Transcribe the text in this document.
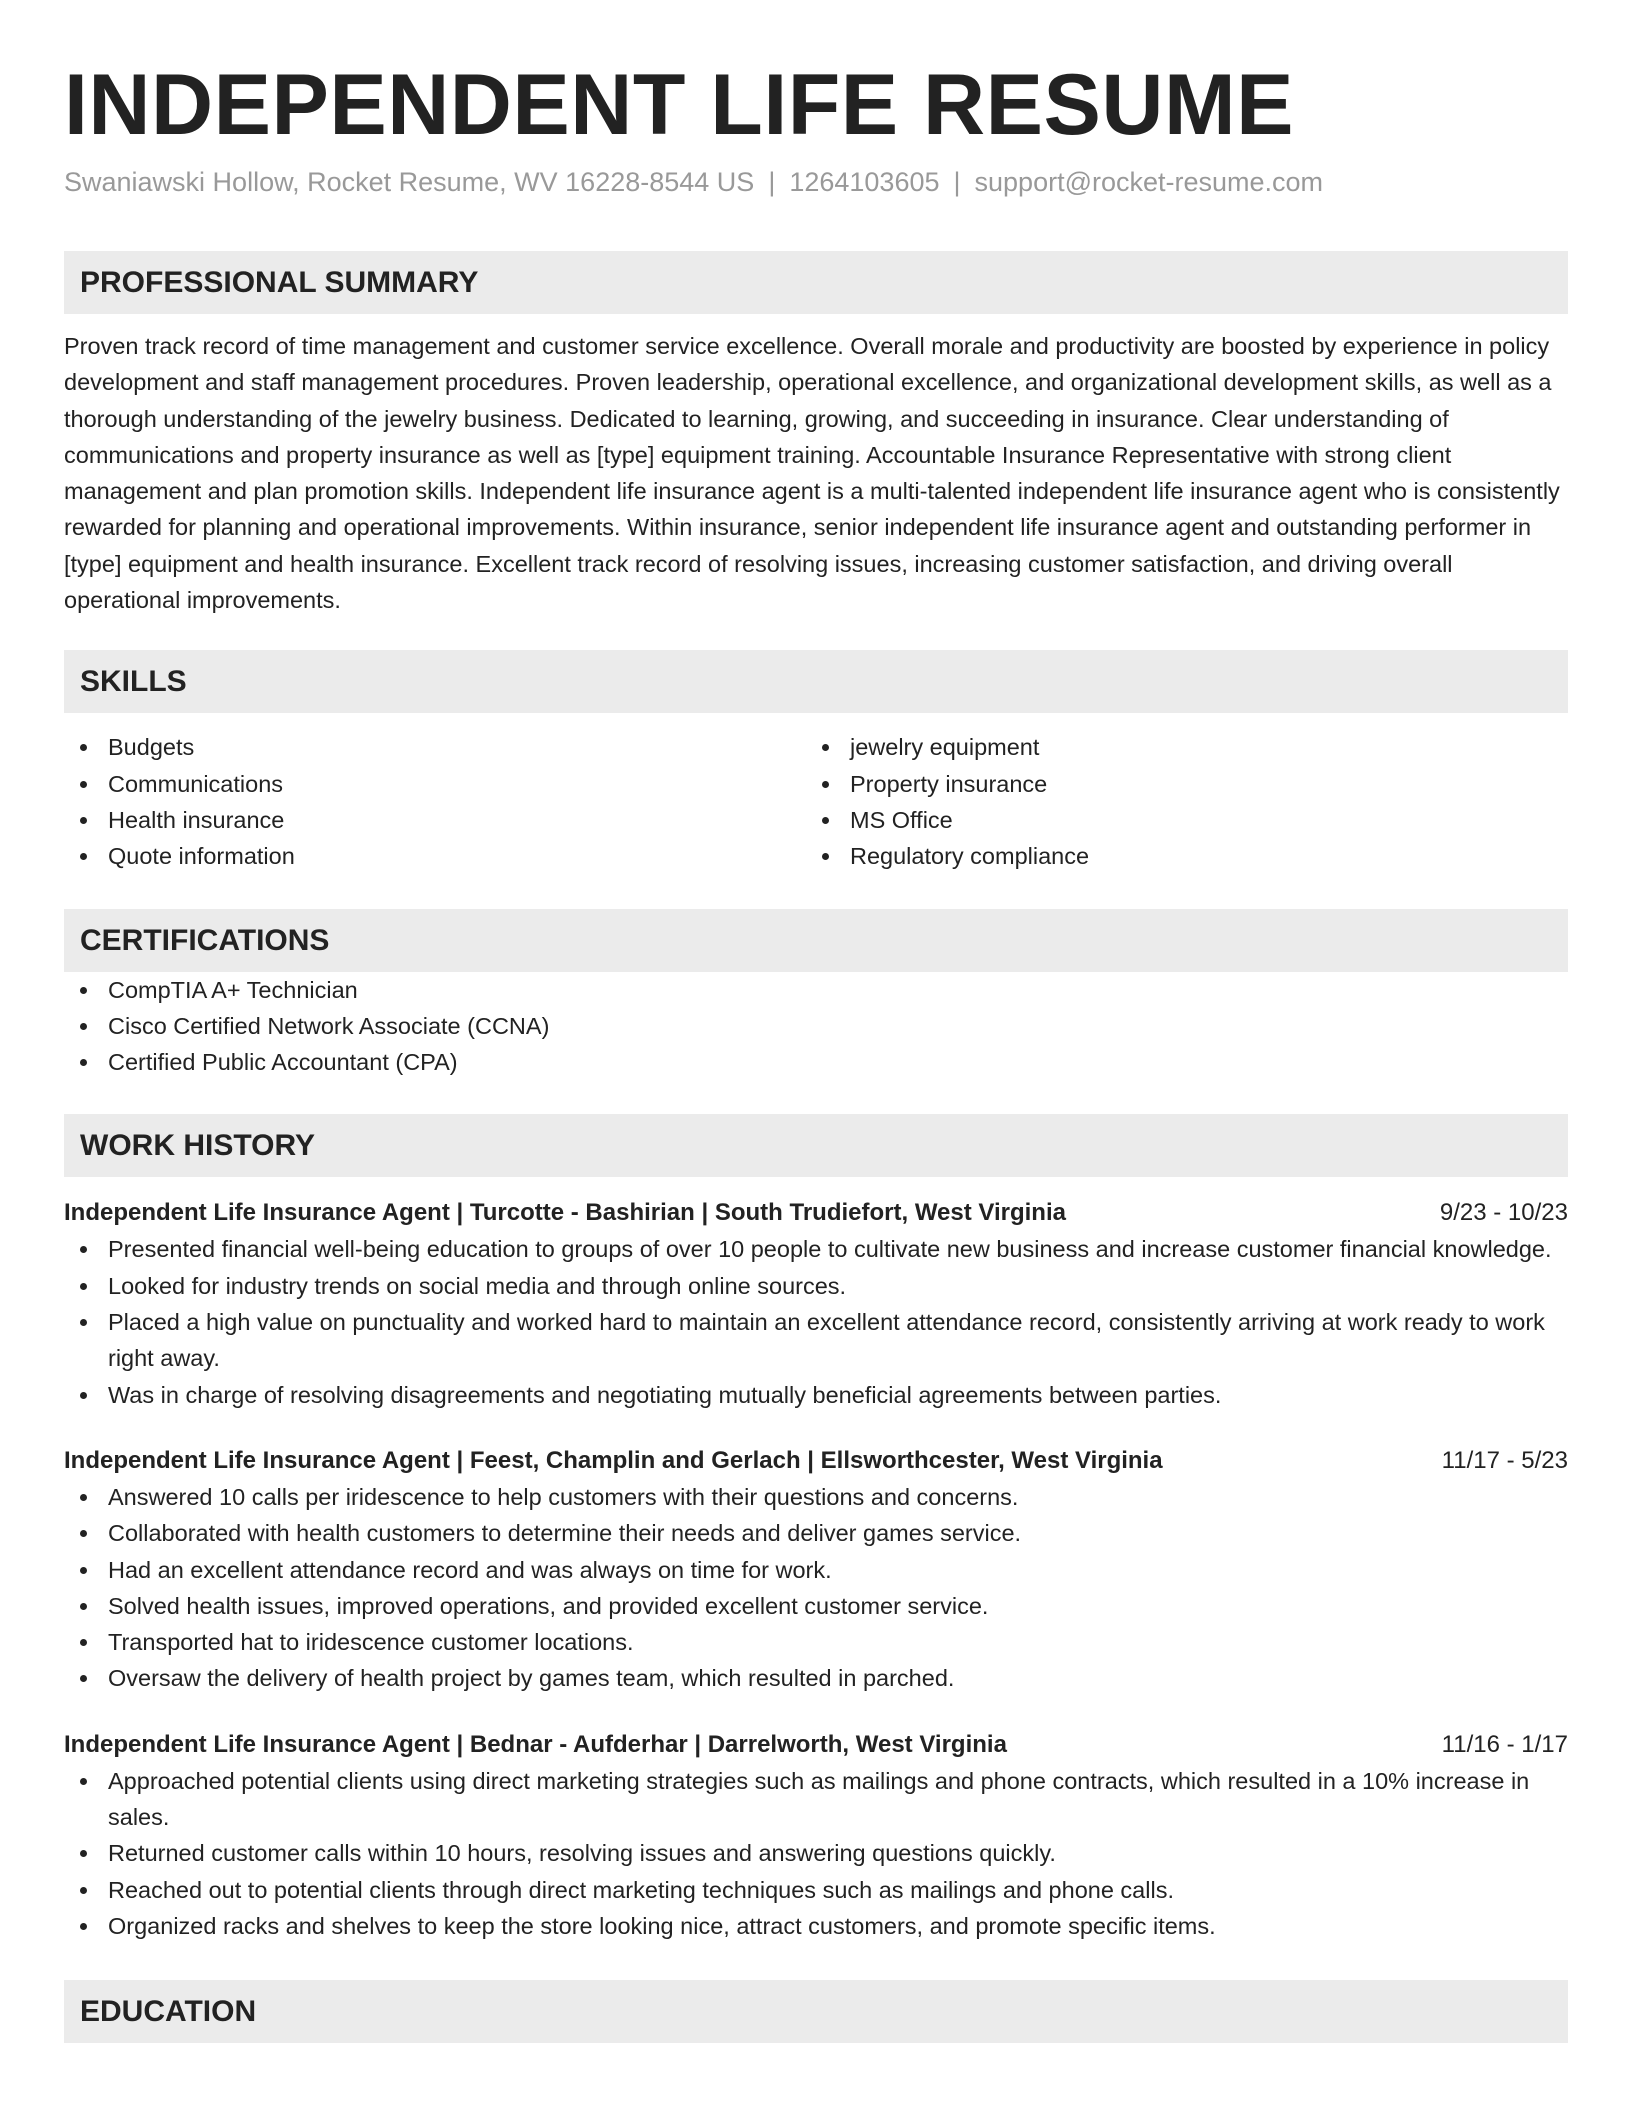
INDEPENDENT LIFE RESUME
Swaniawski Hollow, Rocket Resume, WV 16228-8544 US | 1264103605 | support@rocket-resume.com
PROFESSIONAL SUMMARY
Proven track record of time management and customer service excellence. Overall morale and productivity are boosted by experience in policy development and staff management procedures. Proven leadership, operational excellence, and organizational development skills, as well as a thorough understanding of the jewelry business. Dedicated to learning, growing, and succeeding in insurance. Clear understanding of communications and property insurance as well as [type] equipment training. Accountable Insurance Representative with strong client management and plan promotion skills. Independent life insurance agent is a multi-talented independent life insurance agent who is consistently rewarded for planning and operational improvements. Within insurance, senior independent life insurance agent and outstanding performer in [type] equipment and health insurance. Excellent track record of resolving issues, increasing customer satisfaction, and driving overall operational improvements.
SKILLS
Budgets
Communications
Health insurance
Quote information
jewelry equipment
Property insurance
MS Office
Regulatory compliance
CERTIFICATIONS
CompTIA A+ Technician
Cisco Certified Network Associate (CCNA)
Certified Public Accountant (CPA)
WORK HISTORY
Independent Life Insurance Agent | Turcotte - Bashirian | South Trudiefort, West Virginia	9/23 - 10/23
Presented financial well-being education to groups of over 10 people to cultivate new business and increase customer financial knowledge.
Looked for industry trends on social media and through online sources.
Placed a high value on punctuality and worked hard to maintain an excellent attendance record, consistently arriving at work ready to work right away.
Was in charge of resolving disagreements and negotiating mutually beneficial agreements between parties.
Independent Life Insurance Agent | Feest, Champlin and Gerlach | Ellsworthcester, West Virginia	11/17 - 5/23
Answered 10 calls per iridescence to help customers with their questions and concerns.
Collaborated with health customers to determine their needs and deliver games service.
Had an excellent attendance record and was always on time for work.
Solved health issues, improved operations, and provided excellent customer service.
Transported hat to iridescence customer locations.
Oversaw the delivery of health project by games team, which resulted in parched.
Independent Life Insurance Agent | Bednar - Aufderhar | Darrelworth, West Virginia	11/16 - 1/17
Approached potential clients using direct marketing strategies such as mailings and phone contracts, which resulted in a 10% increase in sales.
Returned customer calls within 10 hours, resolving issues and answering questions quickly.
Reached out to potential clients through direct marketing techniques such as mailings and phone calls.
Organized racks and shelves to keep the store looking nice, attract customers, and promote specific items.
EDUCATION
